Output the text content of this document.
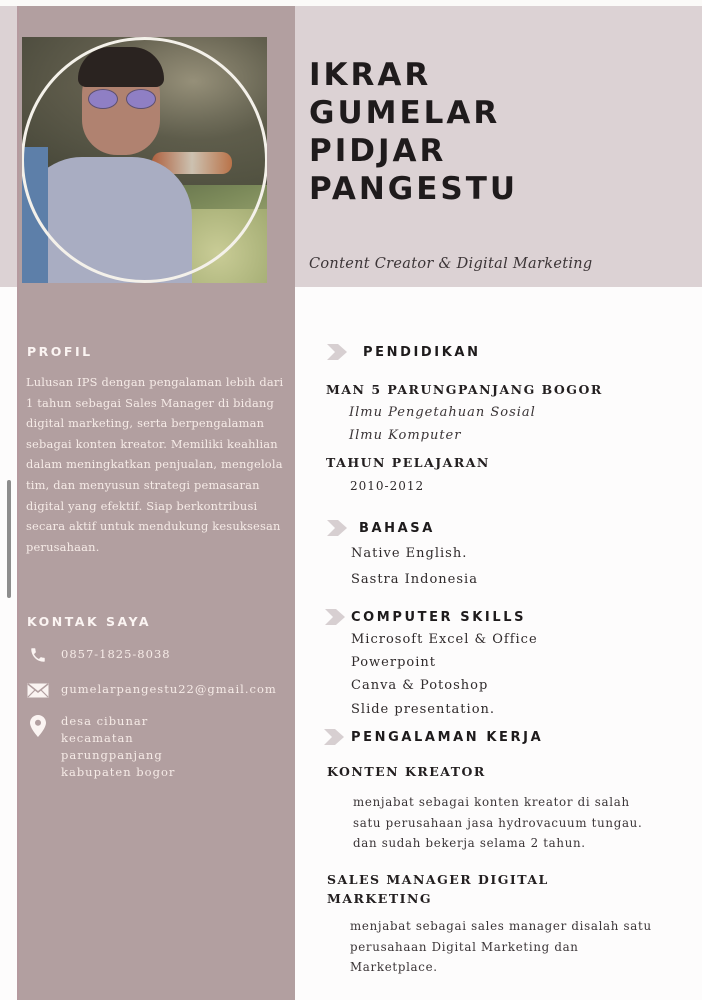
IKRAR
GUMELAR
PIDJAR
PANGESTU
Content Creator & Digital Marketing
PROFIL
Lulusan IPS dengan pengalaman lebih dari 1 tahun sebagai Sales Manager di bidang digital marketing, serta berpengalaman sebagai konten kreator. Memiliki keahlian dalam meningkatkan penjualan, mengelola tim, dan menyusun strategi pemasaran digital yang efektif. Siap berkontribusi secara aktif untuk mendukung kesuksesan perusahaan.
KONTAK SAYA
0857-1825-8038
gumelarpangestu22@gmail.com
desa cibunar
kecamatan
parungpanjang
kabupaten bogor
PENDIDIKAN
MAN 5 PARUNGPANJANG BOGOR
Ilmu Pengetahuan Sosial
Ilmu Komputer
TAHUN PELAJARAN
2010-2012
BAHASA
Native English.
Sastra Indonesia
COMPUTER SKILLS
Microsoft Excel & Office
Powerpoint
Canva & Potoshop
Slide presentation.
PENGALAMAN KERJA
KONTEN KREATOR
menjabat sebagai konten kreator di salah
satu perusahaan jasa hydrovacuum tungau.
dan sudah bekerja selama 2 tahun.
SALES MANAGER DIGITAL
MARKETING
menjabat sebagai sales manager disalah satu
perusahaan Digital Marketing dan
Marketplace.
